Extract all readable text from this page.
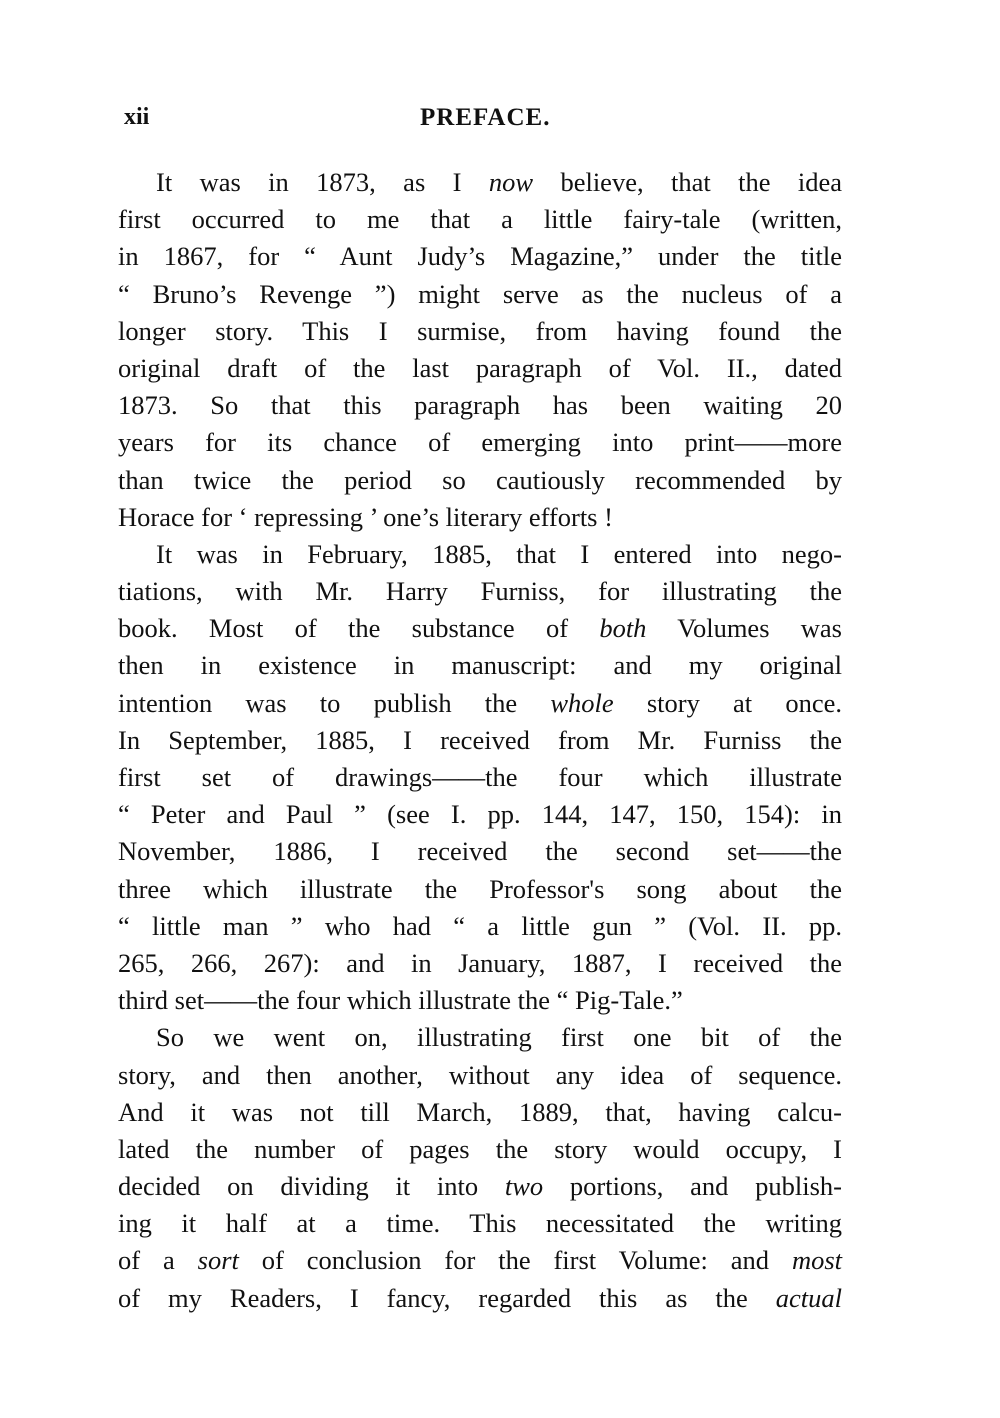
xii	PREFACE.
It was in 1873, as I now believe, that the idea
first occurred to me that a little fairy-tale (written,
in 1867, for “ Aunt Judy’s Magazine,” under the title
“ Bruno’s Revenge ”) might serve as the nucleus of a
longer story. This I surmise, from having found the
original draft of the last paragraph of Vol. II., dated
1873. So that this paragraph has been waiting 20
years for its chance of emerging into print——more
than twice the period so cautiously recommended by
Horace for ‘ repressing ’ one’s literary efforts !
It was in February, 1885, that I entered into nego-
tiations, with Mr. Harry Furniss, for illustrating the
book. Most of the substance of both Volumes was
then in existence in manuscript: and my original
intention was to publish the whole story at once.
In September, 1885, I received from Mr. Furniss the
first set of drawings——the four which illustrate
“ Peter and Paul ” (see I. pp. 144, 147, 150, 154): in
November, 1886, I received the second set——the
three which illustrate the Professor's song about the
“ little man ” who had “ a little gun ” (Vol. II. pp.
265, 266, 267): and in January, 1887, I received the
third set——the four which illustrate the “ Pig-Tale.”
So we went on, illustrating first one bit of the
story, and then another, without any idea of sequence.
And it was not till March, 1889, that, having calcu-
lated the number of pages the story would occupy, I
decided on dividing it into two portions, and publish-
ing it half at a time. This necessitated the writing
of a sort of conclusion for the first Volume: and most
of my Readers, I fancy, regarded this as the actual
